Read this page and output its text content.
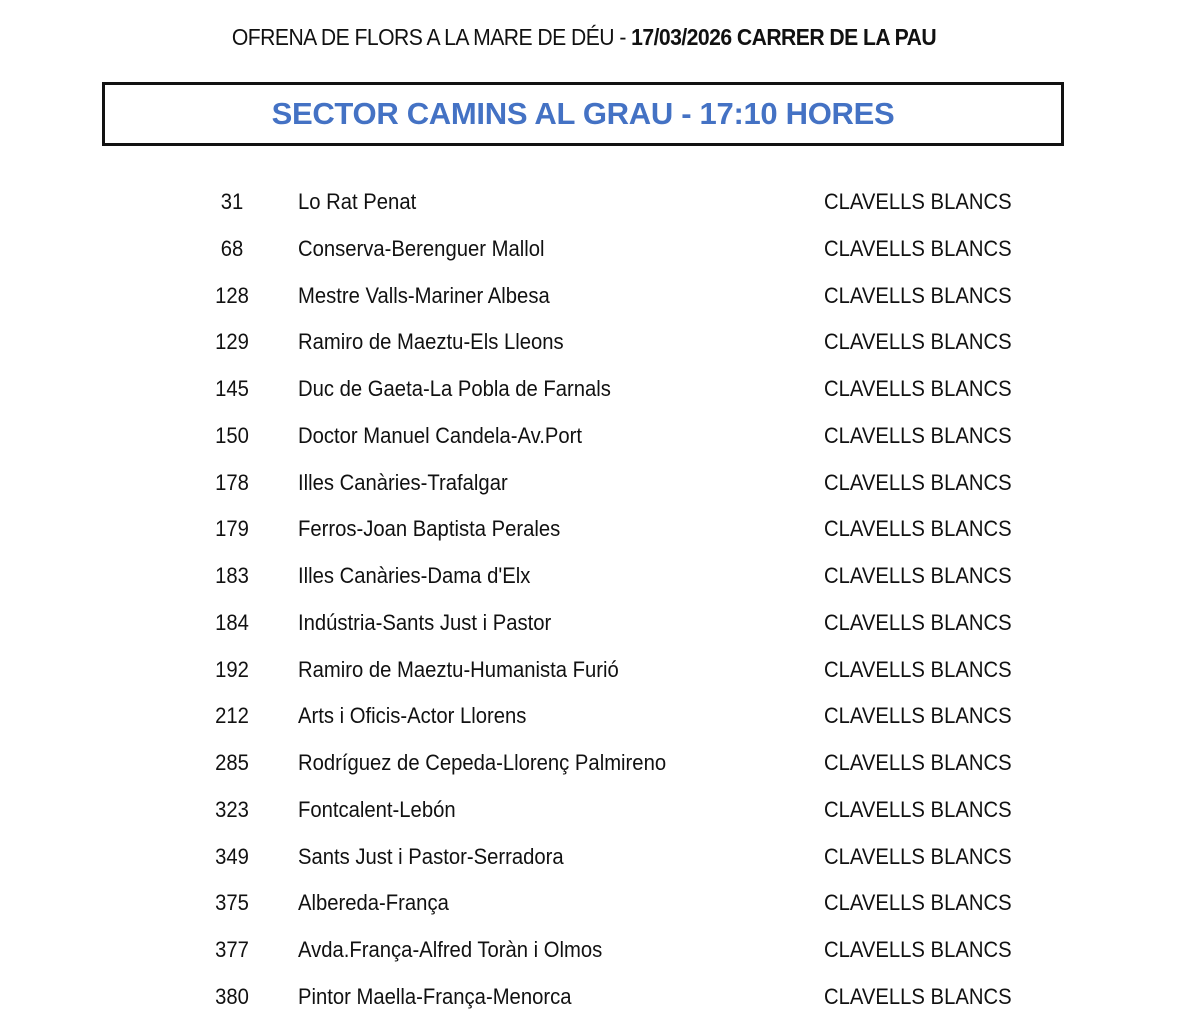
OFRENA DE FLORS A LA MARE DE DÉU - 17/03/2026 CARRER DE LA PAU
SECTOR CAMINS AL GRAU - 17:10 HORES
31	Lo Rat Penat	CLAVELLS BLANCS
68	Conserva-Berenguer Mallol	CLAVELLS BLANCS
128	Mestre Valls-Mariner Albesa	CLAVELLS BLANCS
129	Ramiro de Maeztu-Els Lleons	CLAVELLS BLANCS
145	Duc de Gaeta-La Pobla de Farnals	CLAVELLS BLANCS
150	Doctor Manuel Candela-Av.Port	CLAVELLS BLANCS
178	Illes Canàries-Trafalgar	CLAVELLS BLANCS
179	Ferros-Joan Baptista Perales	CLAVELLS BLANCS
183	Illes Canàries-Dama d'Elx	CLAVELLS BLANCS
184	Indústria-Sants Just i Pastor	CLAVELLS BLANCS
192	Ramiro de Maeztu-Humanista Furió	CLAVELLS BLANCS
212	Arts i Oficis-Actor Llorens	CLAVELLS BLANCS
285	Rodríguez de Cepeda-Llorenç Palmireno	CLAVELLS BLANCS
323	Fontcalent-Lebón	CLAVELLS BLANCS
349	Sants Just i Pastor-Serradora	CLAVELLS BLANCS
375	Albereda-França	CLAVELLS BLANCS
377	Avda.França-Alfred Toràn i Olmos	CLAVELLS BLANCS
380	Pintor Maella-França-Menorca	CLAVELLS BLANCS
